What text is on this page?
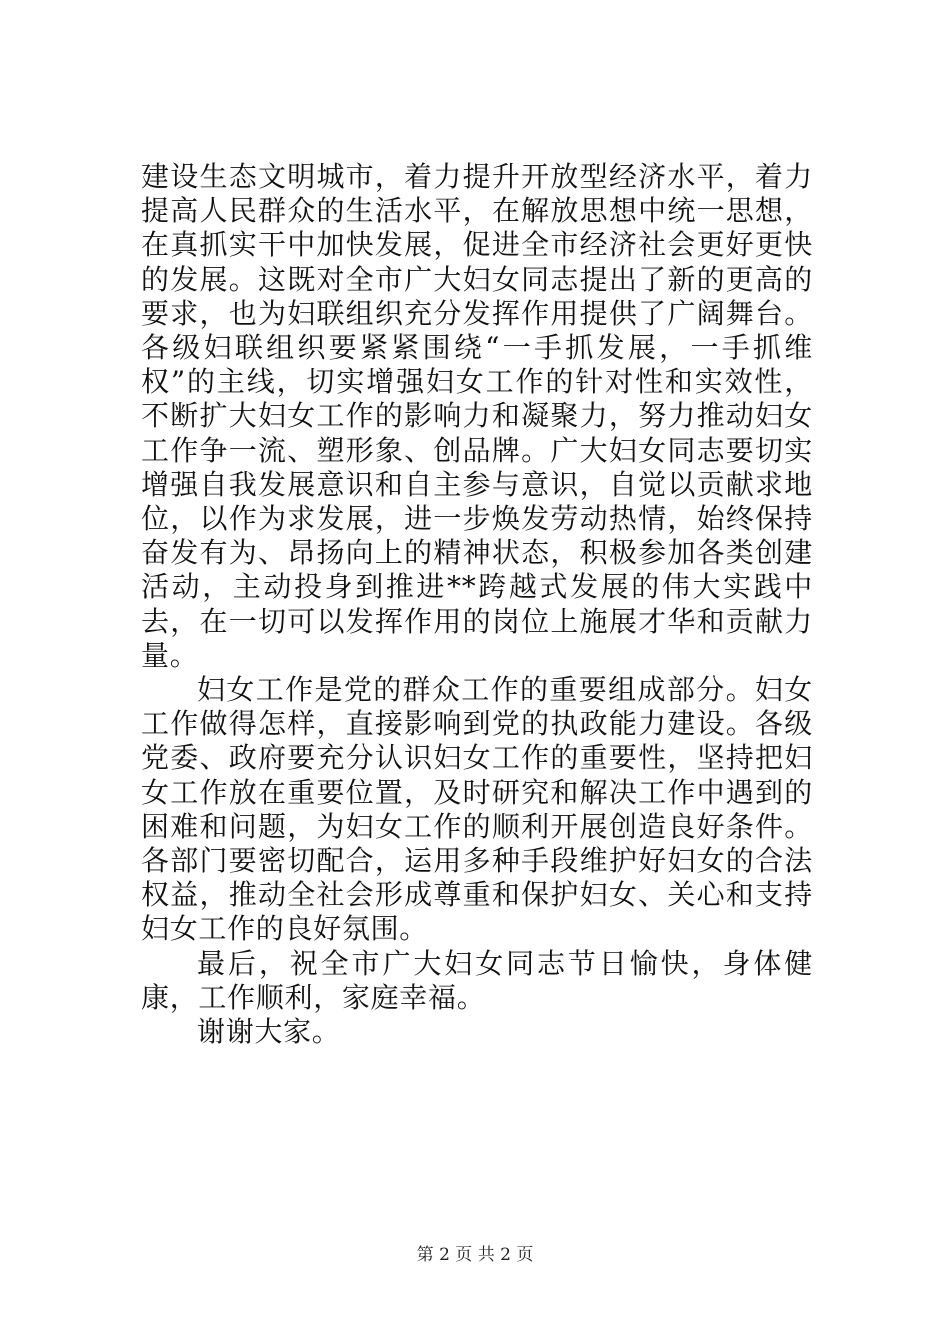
建设生态文明城市，着力提升开放型经济水平，着力提高人民群众的生活水平，在解放思想中统一思想，在真抓实干中加快发展，促进全市经济社会更好更快的发展。这既对全市广大妇女同志提出了新的更高的要求，也为妇联组织充分发挥作用提供了广阔舞台。各级妇联组织要紧紧围绕“一手抓发展，一手抓维权”的主线，切实增强妇女工作的针对性和实效性，不断扩大妇女工作的影响力和凝聚力，努力推动妇女工作争一流、塑形象、创品牌。广大妇女同志要切实增强自我发展意识和自主参与意识，自觉以贡献求地位，以作为求发展，进一步焕发劳动热情，始终保持奋发有为、昂扬向上的精神状态，积极参加各类创建活动，主动投身到推进**跨越式发展的伟大实践中去，在一切可以发挥作用的岗位上施展才华和贡献力量。

妇女工作是党的群众工作的重要组成部分。妇女工作做得怎样，直接影响到党的执政能力建设。各级党委、政府要充分认识妇女工作的重要性，坚持把妇女工作放在重要位置，及时研究和解决工作中遇到的困难和问题，为妇女工作的顺利开展创造良好条件。各部门要密切配合，运用多种手段维护好妇女的合法权益，推动全社会形成尊重和保护妇女、关心和支持妇女工作的良好氛围。

最后，祝全市广大妇女同志节日愉快，身体健康，工作顺利，家庭幸福。

谢谢大家。

第 2 页 共 2 页
